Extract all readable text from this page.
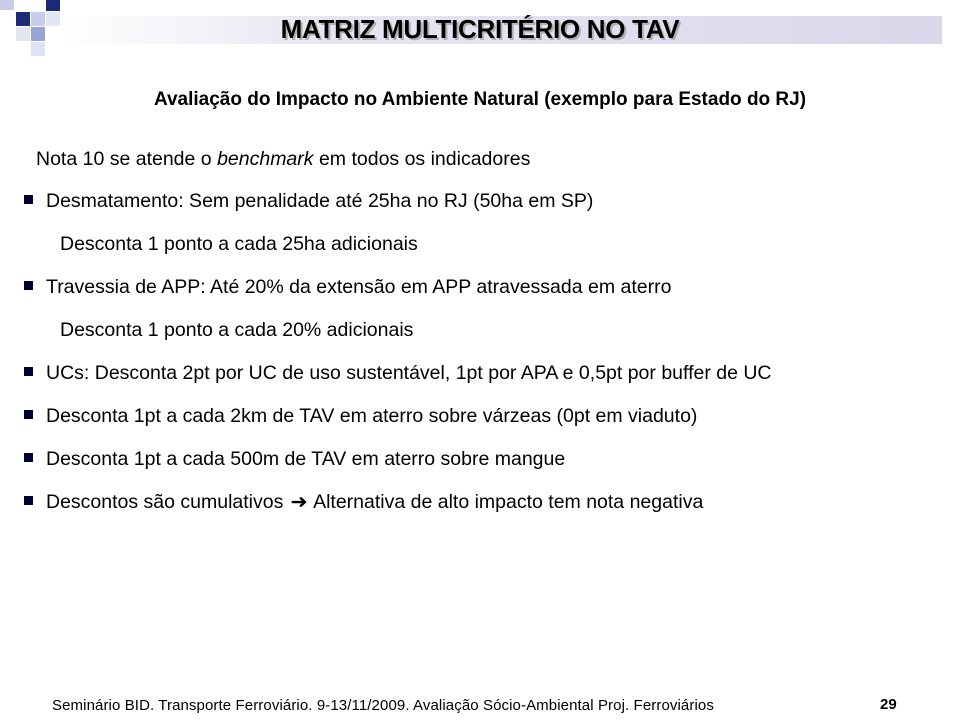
MATRIZ MULTICRITÉRIO NO TAV
Avaliação do Impacto no Ambiente Natural (exemplo para Estado do RJ)
Nota 10 se atende o benchmark em todos os indicadores
Desmatamento: Sem penalidade até 25ha no RJ (50ha em SP)
Desconta 1 ponto a cada 25ha adicionais
Travessia de APP: Até 20% da extensão em APP atravessada em aterro
Desconta 1 ponto a cada 20% adicionais
UCs: Desconta 2pt por UC de uso sustentável, 1pt por APA e 0,5pt por buffer de UC
Desconta 1pt a cada 2km de TAV em aterro sobre várzeas (0pt em viaduto)
Desconta 1pt a cada 500m de TAV em aterro sobre mangue
Descontos são cumulativos ➜ Alternativa de alto impacto tem nota negativa
Seminário BID. Transporte Ferroviário. 9-13/11/2009. Avaliação Sócio-Ambiental Proj. Ferroviários	29
